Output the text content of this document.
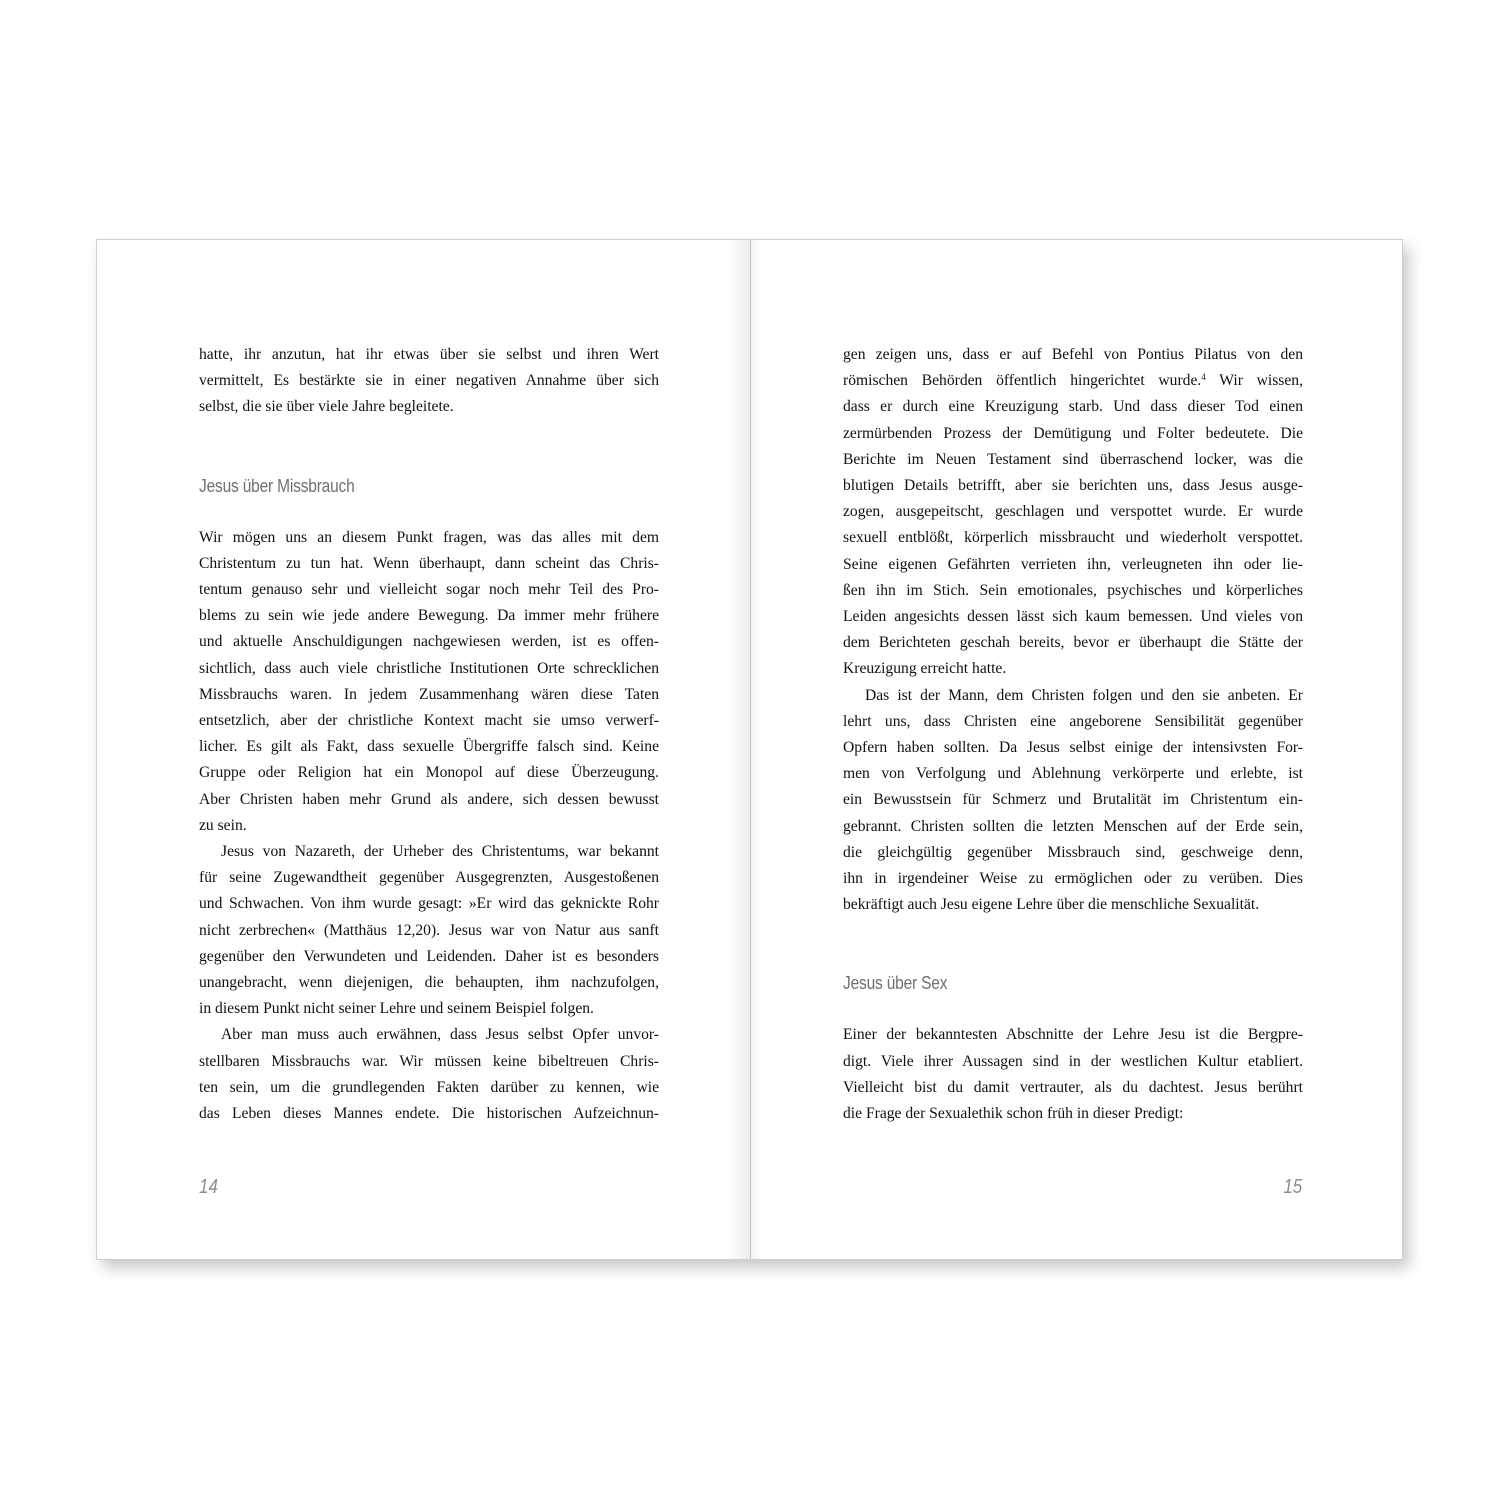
hatte, ihr anzutun, hat ihr etwas über sie selbst und ihren Wert

vermittelt, Es bestärkte sie in einer negativen Annahme über sich

selbst, die sie über viele Jahre begleitete.

Jesus über Missbrauch

Wir mögen uns an diesem Punkt fragen, was das alles mit dem

Christentum zu tun hat. Wenn überhaupt, dann scheint das Chris-

tentum genauso sehr und vielleicht sogar noch mehr Teil des Pro-

blems zu sein wie jede andere Bewegung. Da immer mehr frühere

und aktuelle Anschuldigungen nachgewiesen werden, ist es offen-

sichtlich, dass auch viele christliche Institutionen Orte schrecklichen

Missbrauchs waren. In jedem Zusammenhang wären diese Taten

entsetzlich, aber der christliche Kontext macht sie umso verwerf-

licher. Es gilt als Fakt, dass sexuelle Übergriffe falsch sind. Keine

Gruppe oder Religion hat ein Monopol auf diese Überzeugung.

Aber Christen haben mehr Grund als andere, sich dessen bewusst

zu sein.

Jesus von Nazareth, der Urheber des Christentums, war bekannt

für seine Zugewandtheit gegenüber Ausgegrenzten, Ausgestoßenen

und Schwachen. Von ihm wurde gesagt: »Er wird das geknickte Rohr

nicht zerbrechen« (Matthäus 12,20). Jesus war von Natur aus sanft

gegenüber den Verwundeten und Leidenden. Daher ist es besonders

unangebracht, wenn diejenigen, die behaupten, ihm nachzufolgen,

in diesem Punkt nicht seiner Lehre und seinem Beispiel folgen.

Aber man muss auch erwähnen, dass Jesus selbst Opfer unvor-

stellbaren Missbrauchs war. Wir müssen keine bibeltreuen Chris-

ten sein, um die grundlegenden Fakten darüber zu kennen, wie

das Leben dieses Mannes endete. Die historischen Aufzeichnun-

14

gen zeigen uns, dass er auf Befehl von Pontius Pilatus von den

römischen Behörden öffentlich hingerichtet wurde.$^4$ Wir wissen,

dass er durch eine Kreuzigung starb. Und dass dieser Tod einen

zermürbenden Prozess der Demütigung und Folter bedeutete. Die

Berichte im Neuen Testament sind überraschend locker, was die

blutigen Details betrifft, aber sie berichten uns, dass Jesus ausge-

zogen, ausgepeitscht, geschlagen und verspottet wurde. Er wurde

sexuell entblößt, körperlich missbraucht und wiederholt verspottet.

Seine eigenen Gefährten verrieten ihn, verleugneten ihn oder lie-

ßen ihn im Stich. Sein emotionales, psychisches und körperliches

Leiden angesichts dessen lässt sich kaum bemessen. Und vieles von

dem Berichteten geschah bereits, bevor er überhaupt die Stätte der

Kreuzigung erreicht hatte.

Das ist der Mann, dem Christen folgen und den sie anbeten. Er

lehrt uns, dass Christen eine angeborene Sensibilität gegenüber

Opfern haben sollten. Da Jesus selbst einige der intensivsten For-

men von Verfolgung und Ablehnung verkörperte und erlebte, ist

ein Bewusstsein für Schmerz und Brutalität im Christentum ein-

gebrannt. Christen sollten die letzten Menschen auf der Erde sein,

die gleichgültig gegenüber Missbrauch sind, geschweige denn,

ihn in irgendeiner Weise zu ermöglichen oder zu verüben. Dies

bekräftigt auch Jesu eigene Lehre über die menschliche Sexualität.

Jesus über Sex

Einer der bekanntesten Abschnitte der Lehre Jesu ist die Bergpre-

digt. Viele ihrer Aussagen sind in der westlichen Kultur etabliert.

Vielleicht bist du damit vertrauter, als du dachtest. Jesus berührt

die Frage der Sexualethik schon früh in dieser Predigt:

15
